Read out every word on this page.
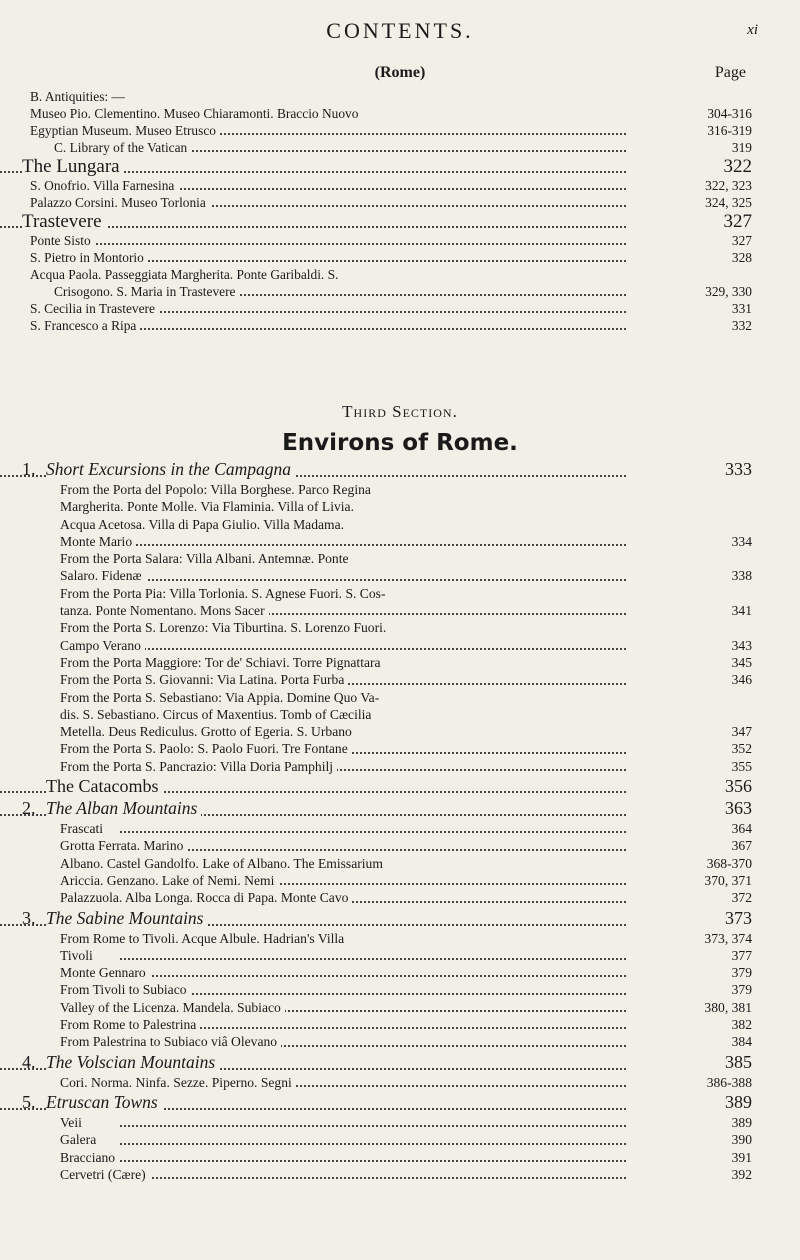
CONTENTS.	xi
(Rome)	Page
B. Antiquities: —
Museo Pio. Clementino. Museo Chiaramonti. Braccio Nuovo	304-316
Egyptian Museum. Museo Etrusco	316-319
C. Library of the Vatican	319
The Lungara	322
S. Onofrio. Villa Farnesina	322, 323
Palazzo Corsini. Museo Torlonia	324, 325
Trastevere	327
Ponte Sisto	327
S. Pietro in Montorio	328
Acqua Paola. Passeggiata Margherita. Ponte Garibaldi. S.
Crisogono. S. Maria in Trastevere	329, 330
S. Cecilia in Trastevere	331
S. Francesco a Ripa	332
Third Section.
Environs of Rome.
1. Short Excursions in the Campagna	333
From the Porta del Popolo: Villa Borghese. Parco Regina
Margherita. Ponte Molle. Via Flaminia. Villa of Livia.
Acqua Acetosa. Villa di Papa Giulio. Villa Madama.
Monte Mario	334
From the Porta Salara: Villa Albani. Antemnæ. Ponte
Salaro. Fidenæ	338
From the Porta Pia: Villa Torlonia. S. Agnese Fuori. S. Cos-
tanza. Ponte Nomentano. Mons Sacer	341
From the Porta S. Lorenzo: Via Tiburtina. S. Lorenzo Fuori.
Campo Verano	343
From the Porta Maggiore: Tor de' Schiavi. Torre Pignattara	345
From the Porta S. Giovanni: Via Latina. Porta Furba	346
From the Porta S. Sebastiano: Via Appia. Domine Quo Va-
dis. S. Sebastiano. Circus of Maxentius. Tomb of Cæcilia
Metella. Deus Rediculus. Grotto of Egeria. S. Urbano	347
From the Porta S. Paolo: S. Paolo Fuori. Tre Fontane	352
From the Porta S. Pancrazio: Villa Doria Pamphilj	355
The Catacombs	356
2. The Alban Mountains	363
Frascati	364
Grotta Ferrata. Marino	367
Albano. Castel Gandolfo. Lake of Albano. The Emissarium	368-370
Ariccia. Genzano. Lake of Nemi. Nemi	370, 371
Palazzuola. Alba Longa. Rocca di Papa. Monte Cavo	372
3. The Sabine Mountains	373
From Rome to Tivoli. Acque Albule. Hadrian's Villa	373, 374
Tivoli	377
Monte Gennaro	379
From Tivoli to Subiaco	379
Valley of the Licenza. Mandela. Subiaco	380, 381
From Rome to Palestrina	382
From Palestrina to Subiaco viâ Olevano	384
4. The Volscian Mountains	385
Cori. Norma. Ninfa. Sezze. Piperno. Segni	386-388
5. Etruscan Towns	389
Veii	389
Galera	390
Bracciano	391
Cervetri (Cære)	392
